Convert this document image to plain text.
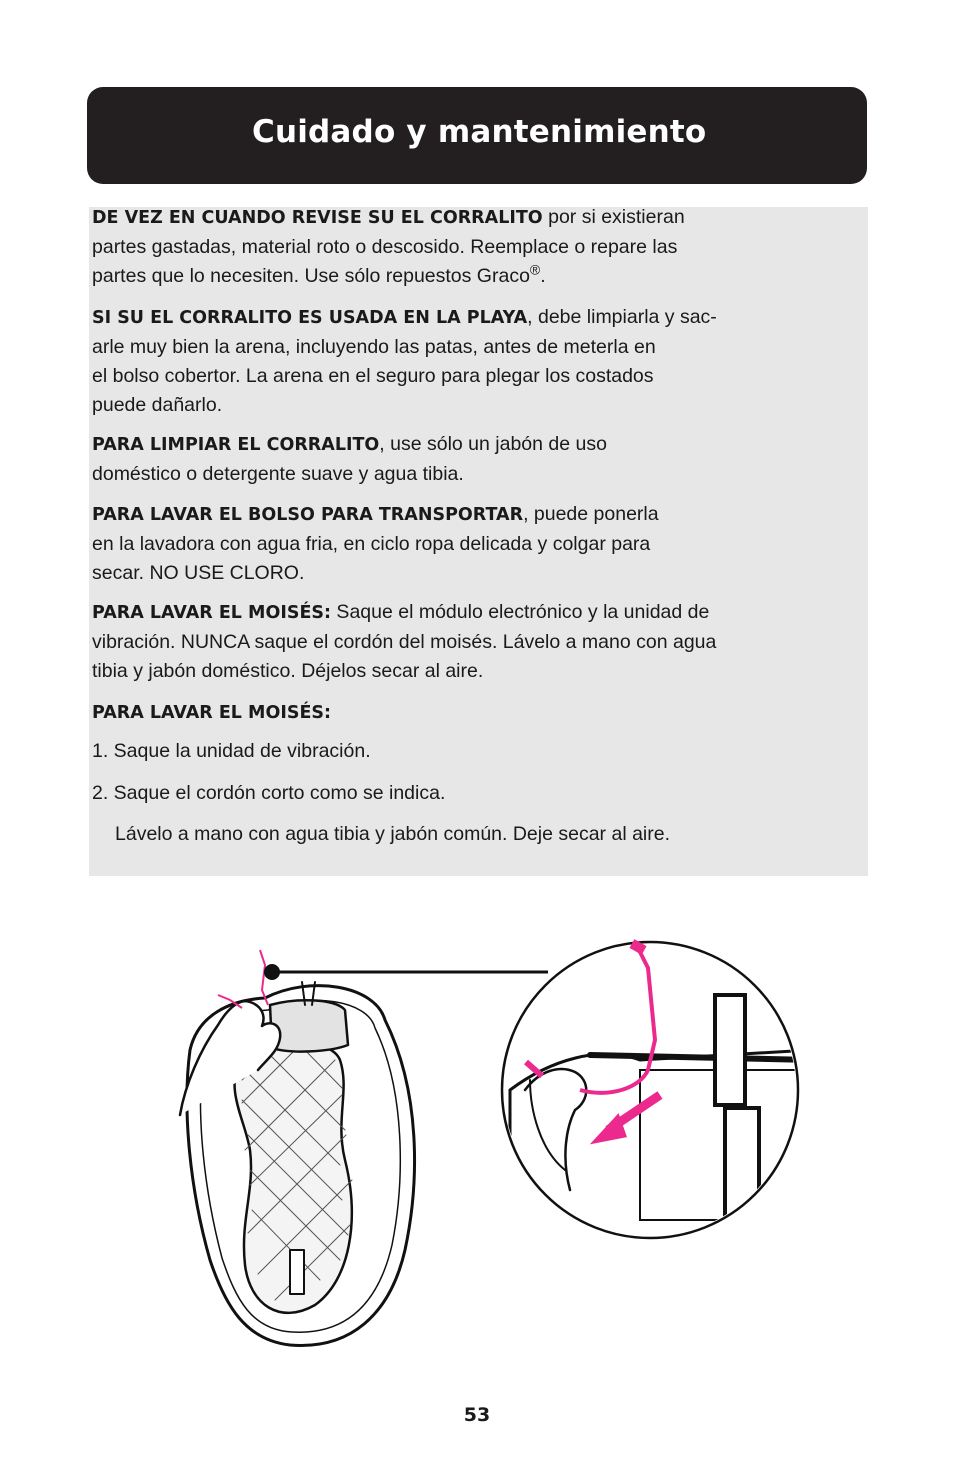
Cuidado y mantenimiento

DE VEZ EN CUANDO REVISE SU EL CORRALITO por si existieran
partes gastadas, material roto o descosido. Reemplace o repare las
partes que lo necesiten. Use sólo repuestos Graco®.

SI SU EL CORRALITO ES USADA EN LA PLAYA, debe limpiarla y sac-
arle muy bien la arena, incluyendo las patas, antes de meterla en
el bolso cobertor. La arena en el seguro para plegar los costados
puede dañarlo.

PARA LIMPIAR EL CORRALITO, use sólo un jabón de uso
doméstico o detergente suave y agua tibia.

PARA LAVAR EL BOLSO PARA TRANSPORTAR, puede ponerla
en la lavadora con agua fria, en ciclo ropa delicada y colgar para
secar. NO USE CLORO.

PARA LAVAR EL MOISÉS: Saque el módulo electrónico y la unidad de
vibración. NUNCA saque el cordón del moisés. Lávelo a mano con agua
tibia y jabón doméstico. Déjelos secar al aire.

PARA LAVAR EL MOISÉS:

1. Saque la unidad de vibración.

2. Saque el cordón corto como se indica.

Lávelo a mano con agua tibia y jabón común. Deje secar al aire.

53
